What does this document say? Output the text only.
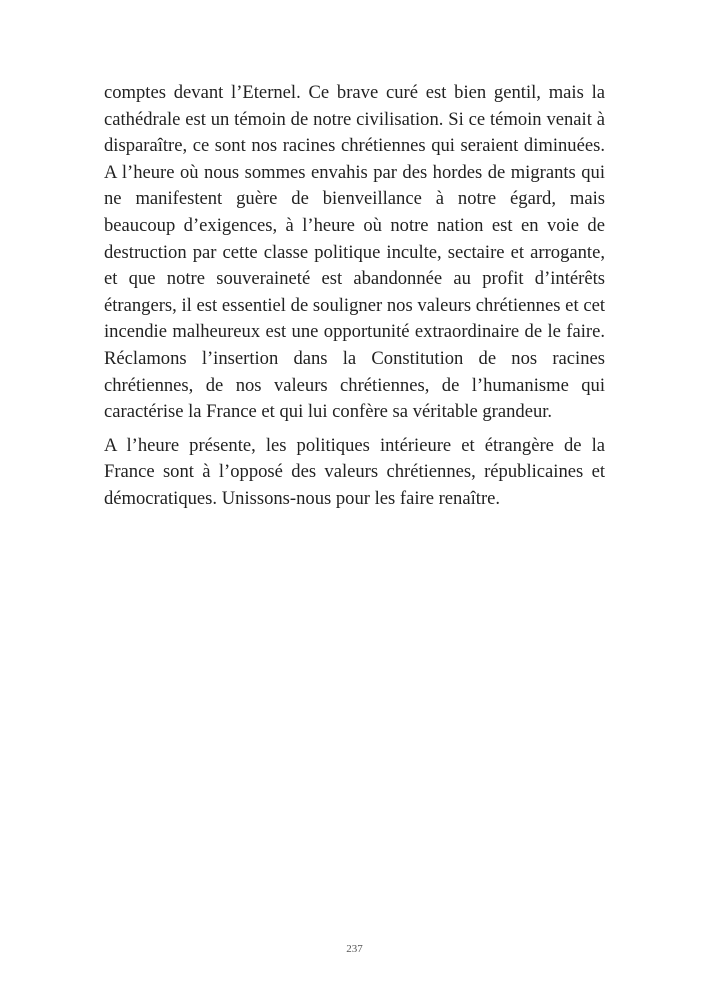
comptes devant l’Eternel. Ce brave curé est bien gentil, mais la cathédrale est un témoin de notre civilisation. Si ce témoin venait à disparaître, ce sont nos racines chrétiennes qui seraient diminuées. A l’heure où nous sommes envahis par des hordes de migrants qui ne manifestent guère de bienveillance à notre égard, mais beaucoup d’exigences, à l’heure où notre nation est en voie de destruction par cette classe politique inculte, sectaire et arrogante, et que notre souveraineté est abandonnée au profit d’intérêts étrangers, il est essentiel de souligner nos valeurs chrétiennes et cet incendie malheureux est une opportunité extraordinaire de le faire. Réclamons l’insertion dans la Constitution de nos racines chrétiennes, de nos valeurs chrétiennes, de l’humanisme qui caractérise la France et qui lui confère sa véritable grandeur.

A l’heure présente, les politiques intérieure et étrangère de la France sont à l’opposé des valeurs chrétiennes, républicaines et démocratiques. Unissons-nous pour les faire renaître.

237
